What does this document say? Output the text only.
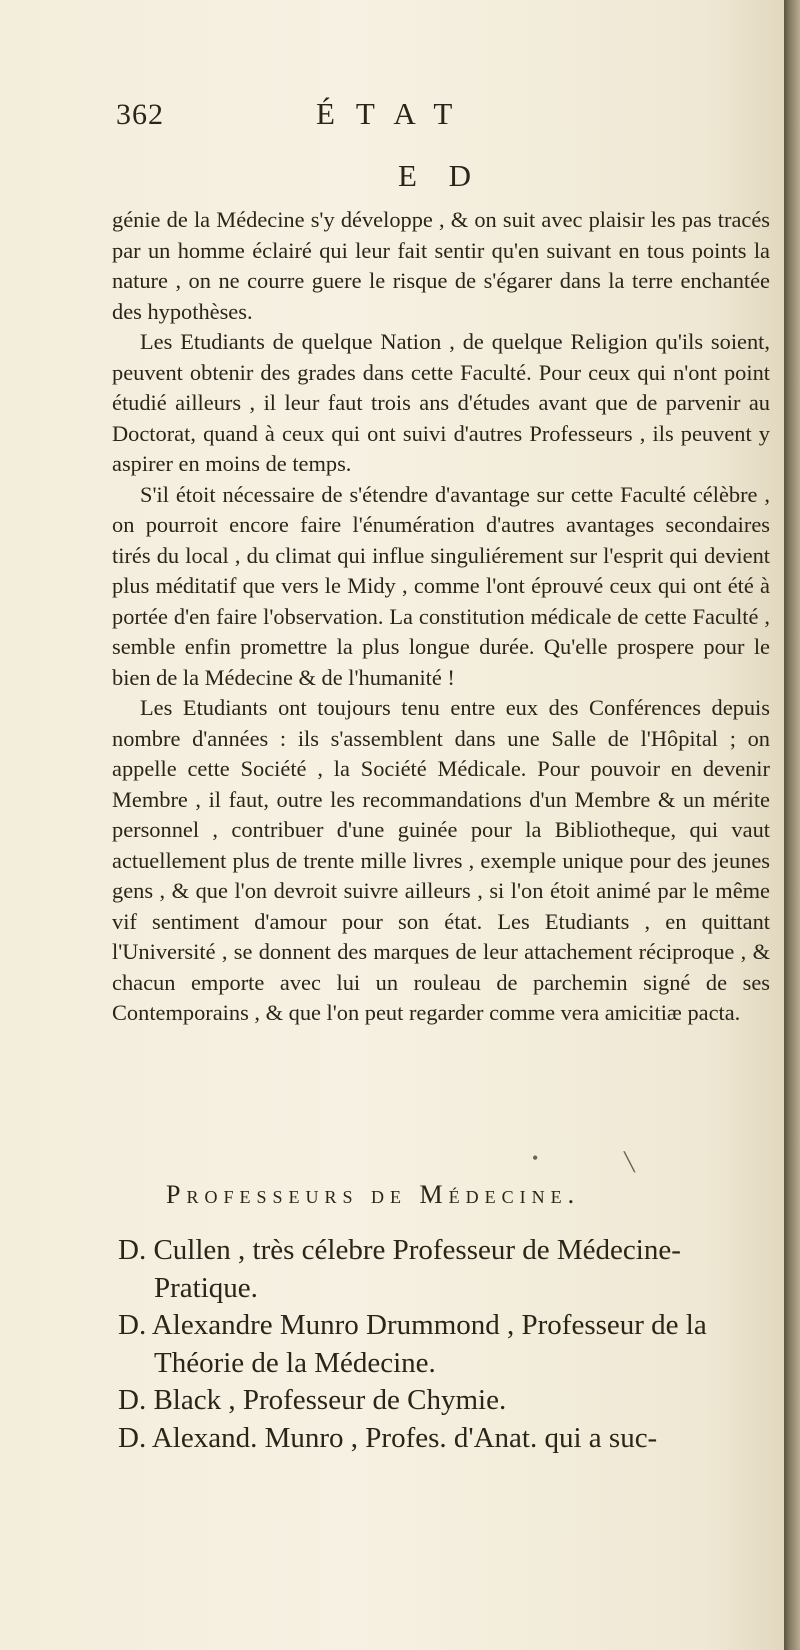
362	ÉTAT
E D

génie de la Médecine s'y développe , & on suit avec plaisir les pas tracés par un homme éclairé qui leur fait sentir qu'en suivant en tous points la nature , on ne courre guere le risque de s'égarer dans la terre enchantée des hypothèses.

Les Etudiants de quelque Nation , de quelque Religion qu'ils soient, peuvent obtenir des grades dans cette Faculté. Pour ceux qui n'ont point étudié ailleurs , il leur faut trois ans d'études avant que de parvenir au Doctorat, quand à ceux qui ont suivi d'autres Professeurs , ils peuvent y aspirer en moins de temps.

S'il étoit nécessaire de s'étendre d'avantage sur cette Faculté célèbre , on pourroit encore faire l'énumération d'autres avantages secondaires tirés du local , du climat qui influe singuliérement sur l'esprit qui devient plus méditatif que vers le Midy , comme l'ont éprouvé ceux qui ont été à portée d'en faire l'observation. La constitution médicale de cette Faculté , semble enfin promettre la plus longue durée. Qu'elle prospere pour le bien de la Médecine & de l'humanité !

Les Etudiants ont toujours tenu entre eux des Conférences depuis nombre d'années : ils s'assemblent dans une Salle de l'Hôpital ; on appelle cette Société , la Société Médicale. Pour pouvoir en devenir Membre , il faut, outre les recommandations d'un Membre & un mérite personnel , contribuer d'une guinée pour la Bibliotheque, qui vaut actuellement plus de trente mille livres , exemple unique pour des jeunes gens , & que l'on devroit suivre ailleurs , si l'on étoit animé par le même vif sentiment d'amour pour son état. Les Etudiants , en quittant l'Université , se donnent des marques de leur attachement réciproque , & chacun emporte avec lui un rouleau de parchemin signé de ses Contemporains , & que l'on peut regarder comme vera amicitiæ pacta.

•	╲
Professeurs de Médecine.

D. Cullen , très célebre Professeur de Médecine-Pratique.

D. Alexandre Munro Drummond , Professeur de la Théorie de la Médecine.

D. Black , Professeur de Chymie.

D. Alexand. Munro , Profes. d'Anat. qui a suc-
